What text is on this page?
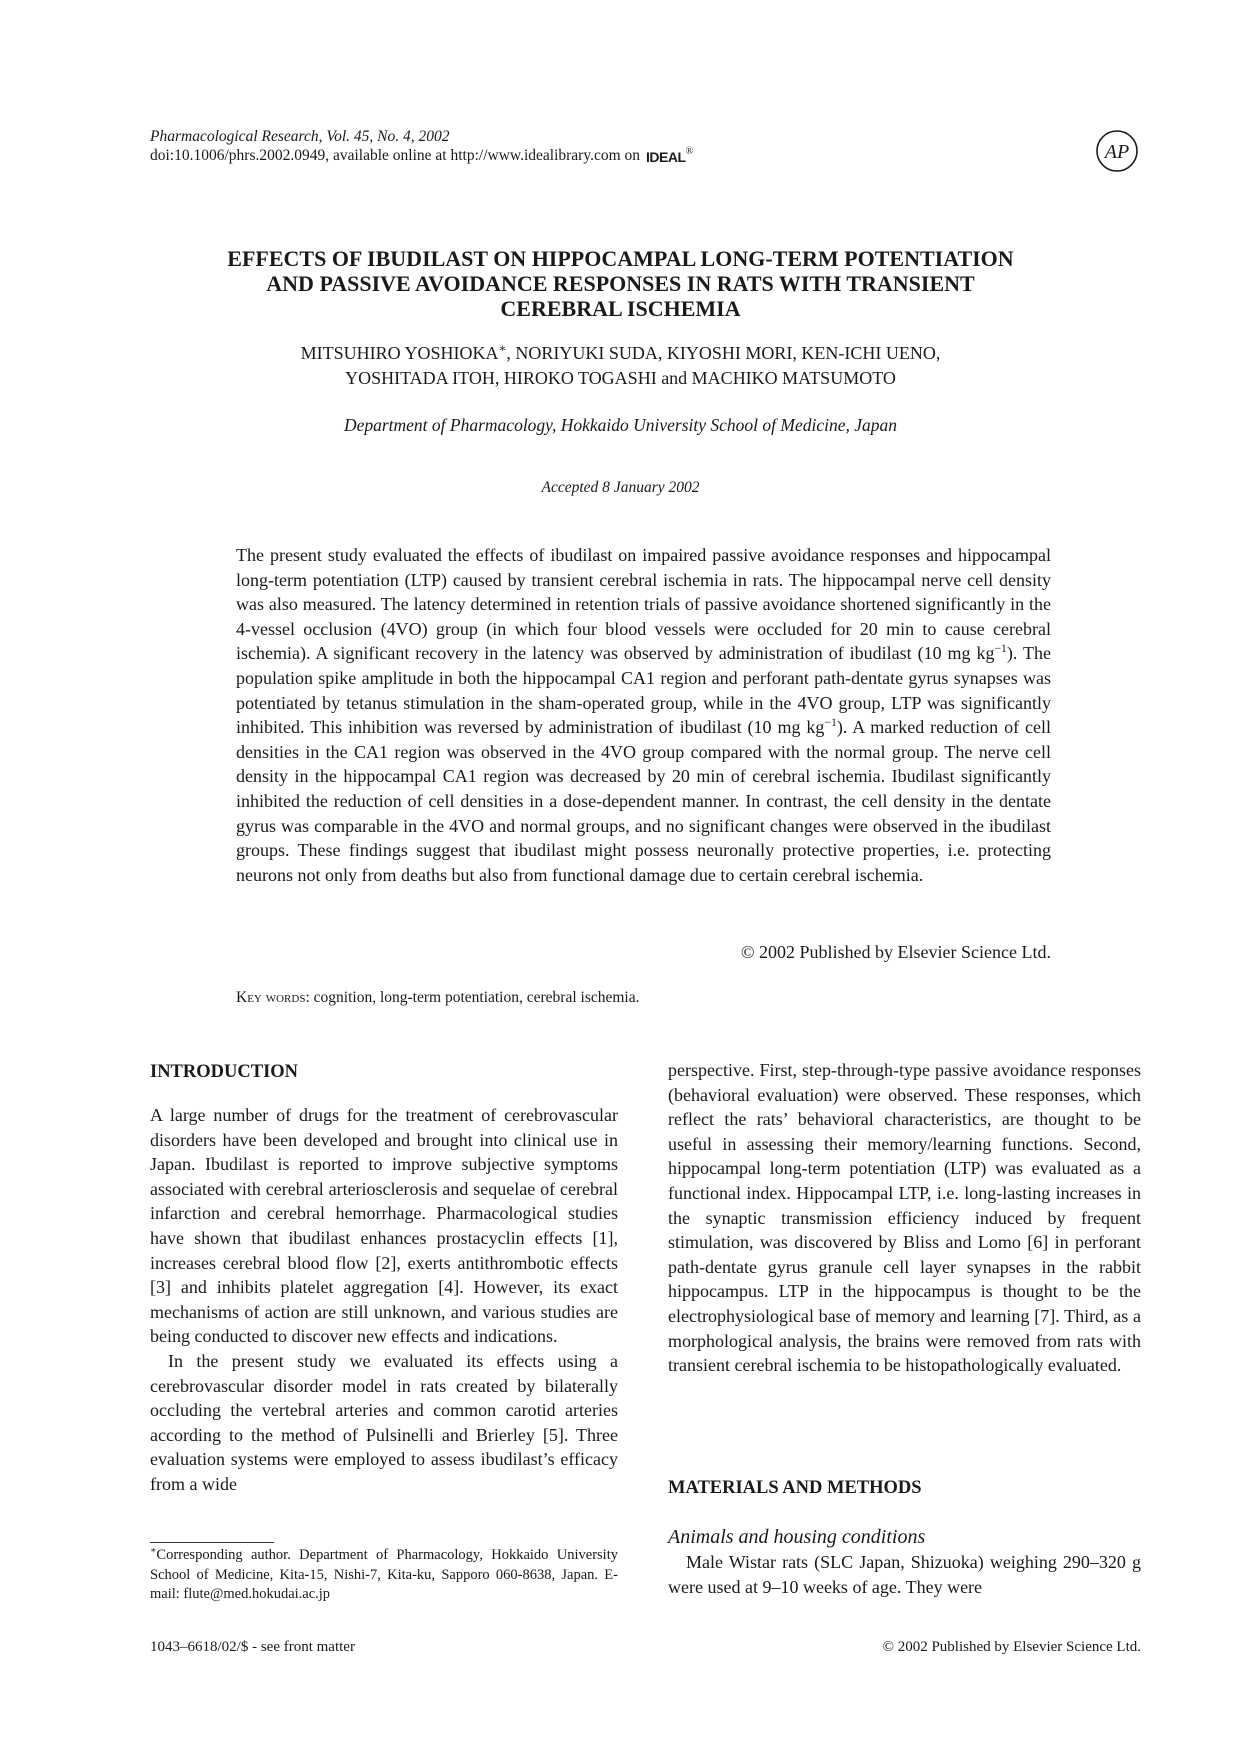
Pharmacological Research, Vol. 45, No. 4, 2002
doi:10.1006/phrs.2002.0949, available online at http://www.idealibrary.com on IDEAL®	AP
EFFECTS OF IBUDILAST ON HIPPOCAMPAL LONG-TERM POTENTIATION
AND PASSIVE AVOIDANCE RESPONSES IN RATS WITH TRANSIENT
CEREBRAL ISCHEMIA
MITSUHIRO YOSHIOKA∗, NORIYUKI SUDA, KIYOSHI MORI, KEN-ICHI UENO,
YOSHITADA ITOH, HIROKO TOGASHI and MACHIKO MATSUMOTO
Department of Pharmacology, Hokkaido University School of Medicine, Japan
Accepted 8 January 2002
The present study evaluated the effects of ibudilast on impaired passive avoidance responses and hippocampal long-term potentiation (LTP) caused by transient cerebral ischemia in rats. The hippocampal nerve cell density was also measured. The latency determined in retention trials of passive avoidance shortened significantly in the 4-vessel occlusion (4VO) group (in which four blood vessels were occluded for 20 min to cause cerebral ischemia). A significant recovery in the latency was observed by administration of ibudilast (10 mg $kg^{-1}$). The population spike amplitude in both the hippocampal CA1 region and perforant path-dentate gyrus synapses was potentiated by tetanus stimulation in the sham-operated group, while in the 4VO group, LTP was significantly inhibited. This inhibition was reversed by administration of ibudilast (10 mg $kg^{-1}$). A marked reduction of cell densities in the CA1 region was observed in the 4VO group compared with the normal group. The nerve cell density in the hippocampal CA1 region was decreased by 20 min of cerebral ischemia. Ibudilast significantly inhibited the reduction of cell densities in a dose-dependent manner. In contrast, the cell density in the dentate gyrus was comparable in the 4VO and normal groups, and no significant changes were observed in the ibudilast groups. These findings suggest that ibudilast might possess neuronally protective properties, i.e. protecting neurons not only from deaths but also from functional damage due to certain cerebral ischemia.
© 2002 Published by Elsevier Science Ltd.
Key words: cognition, long-term potentiation, cerebral ischemia.
INTRODUCTION

A large number of drugs for the treatment of cerebrovascular disorders have been developed and brought into clinical use in Japan. Ibudilast is reported to improve subjective symptoms associated with cerebral arteriosclerosis and sequelae of cerebral infarction and cerebral hemorrhage. Pharmacological studies have shown that ibudilast enhances prostacyclin effects [1], increases cerebral blood flow [2], exerts antithrombotic effects [3] and inhibits platelet aggregation [4]. However, its exact mechanisms of action are still unknown, and various studies are being conducted to discover new effects and indications.

In the present study we evaluated its effects using a cerebrovascular disorder model in rats created by bilaterally occluding the vertebral arteries and common carotid arteries according to the method of Pulsinelli and Brierley [5]. Three evaluation systems were employed to assess ibudilast’s efficacy from a wide

∗Corresponding author. Department of Pharmacology, Hokkaido University School of Medicine, Kita-15, Nishi-7, Kita-ku, Sapporo 060-8638, Japan. E-mail: flute@med.hokudai.ac.jp

perspective. First, step-through-type passive avoidance responses (behavioral evaluation) were observed. These responses, which reflect the rats’ behavioral characteristics, are thought to be useful in assessing their memory/learning functions. Second, hippocampal long-term potentiation (LTP) was evaluated as a functional index. Hippocampal LTP, i.e. long-lasting increases in the synaptic transmission efficiency induced by frequent stimulation, was discovered by Bliss and Lomo [6] in perforant path-dentate gyrus granule cell layer synapses in the rabbit hippocampus. LTP in the hippocampus is thought to be the electrophysiological base of memory and learning [7]. Third, as a morphological analysis, the brains were removed from rats with transient cerebral ischemia to be histopathologically evaluated.

MATERIALS AND METHODS
Animals and housing conditions

Male Wistar rats (SLC Japan, Shizuoka) weighing 290–320 g were used at 9–10 weeks of age. They were

1043–6618/02/$ - see front matter	© 2002 Published by Elsevier Science Ltd.
